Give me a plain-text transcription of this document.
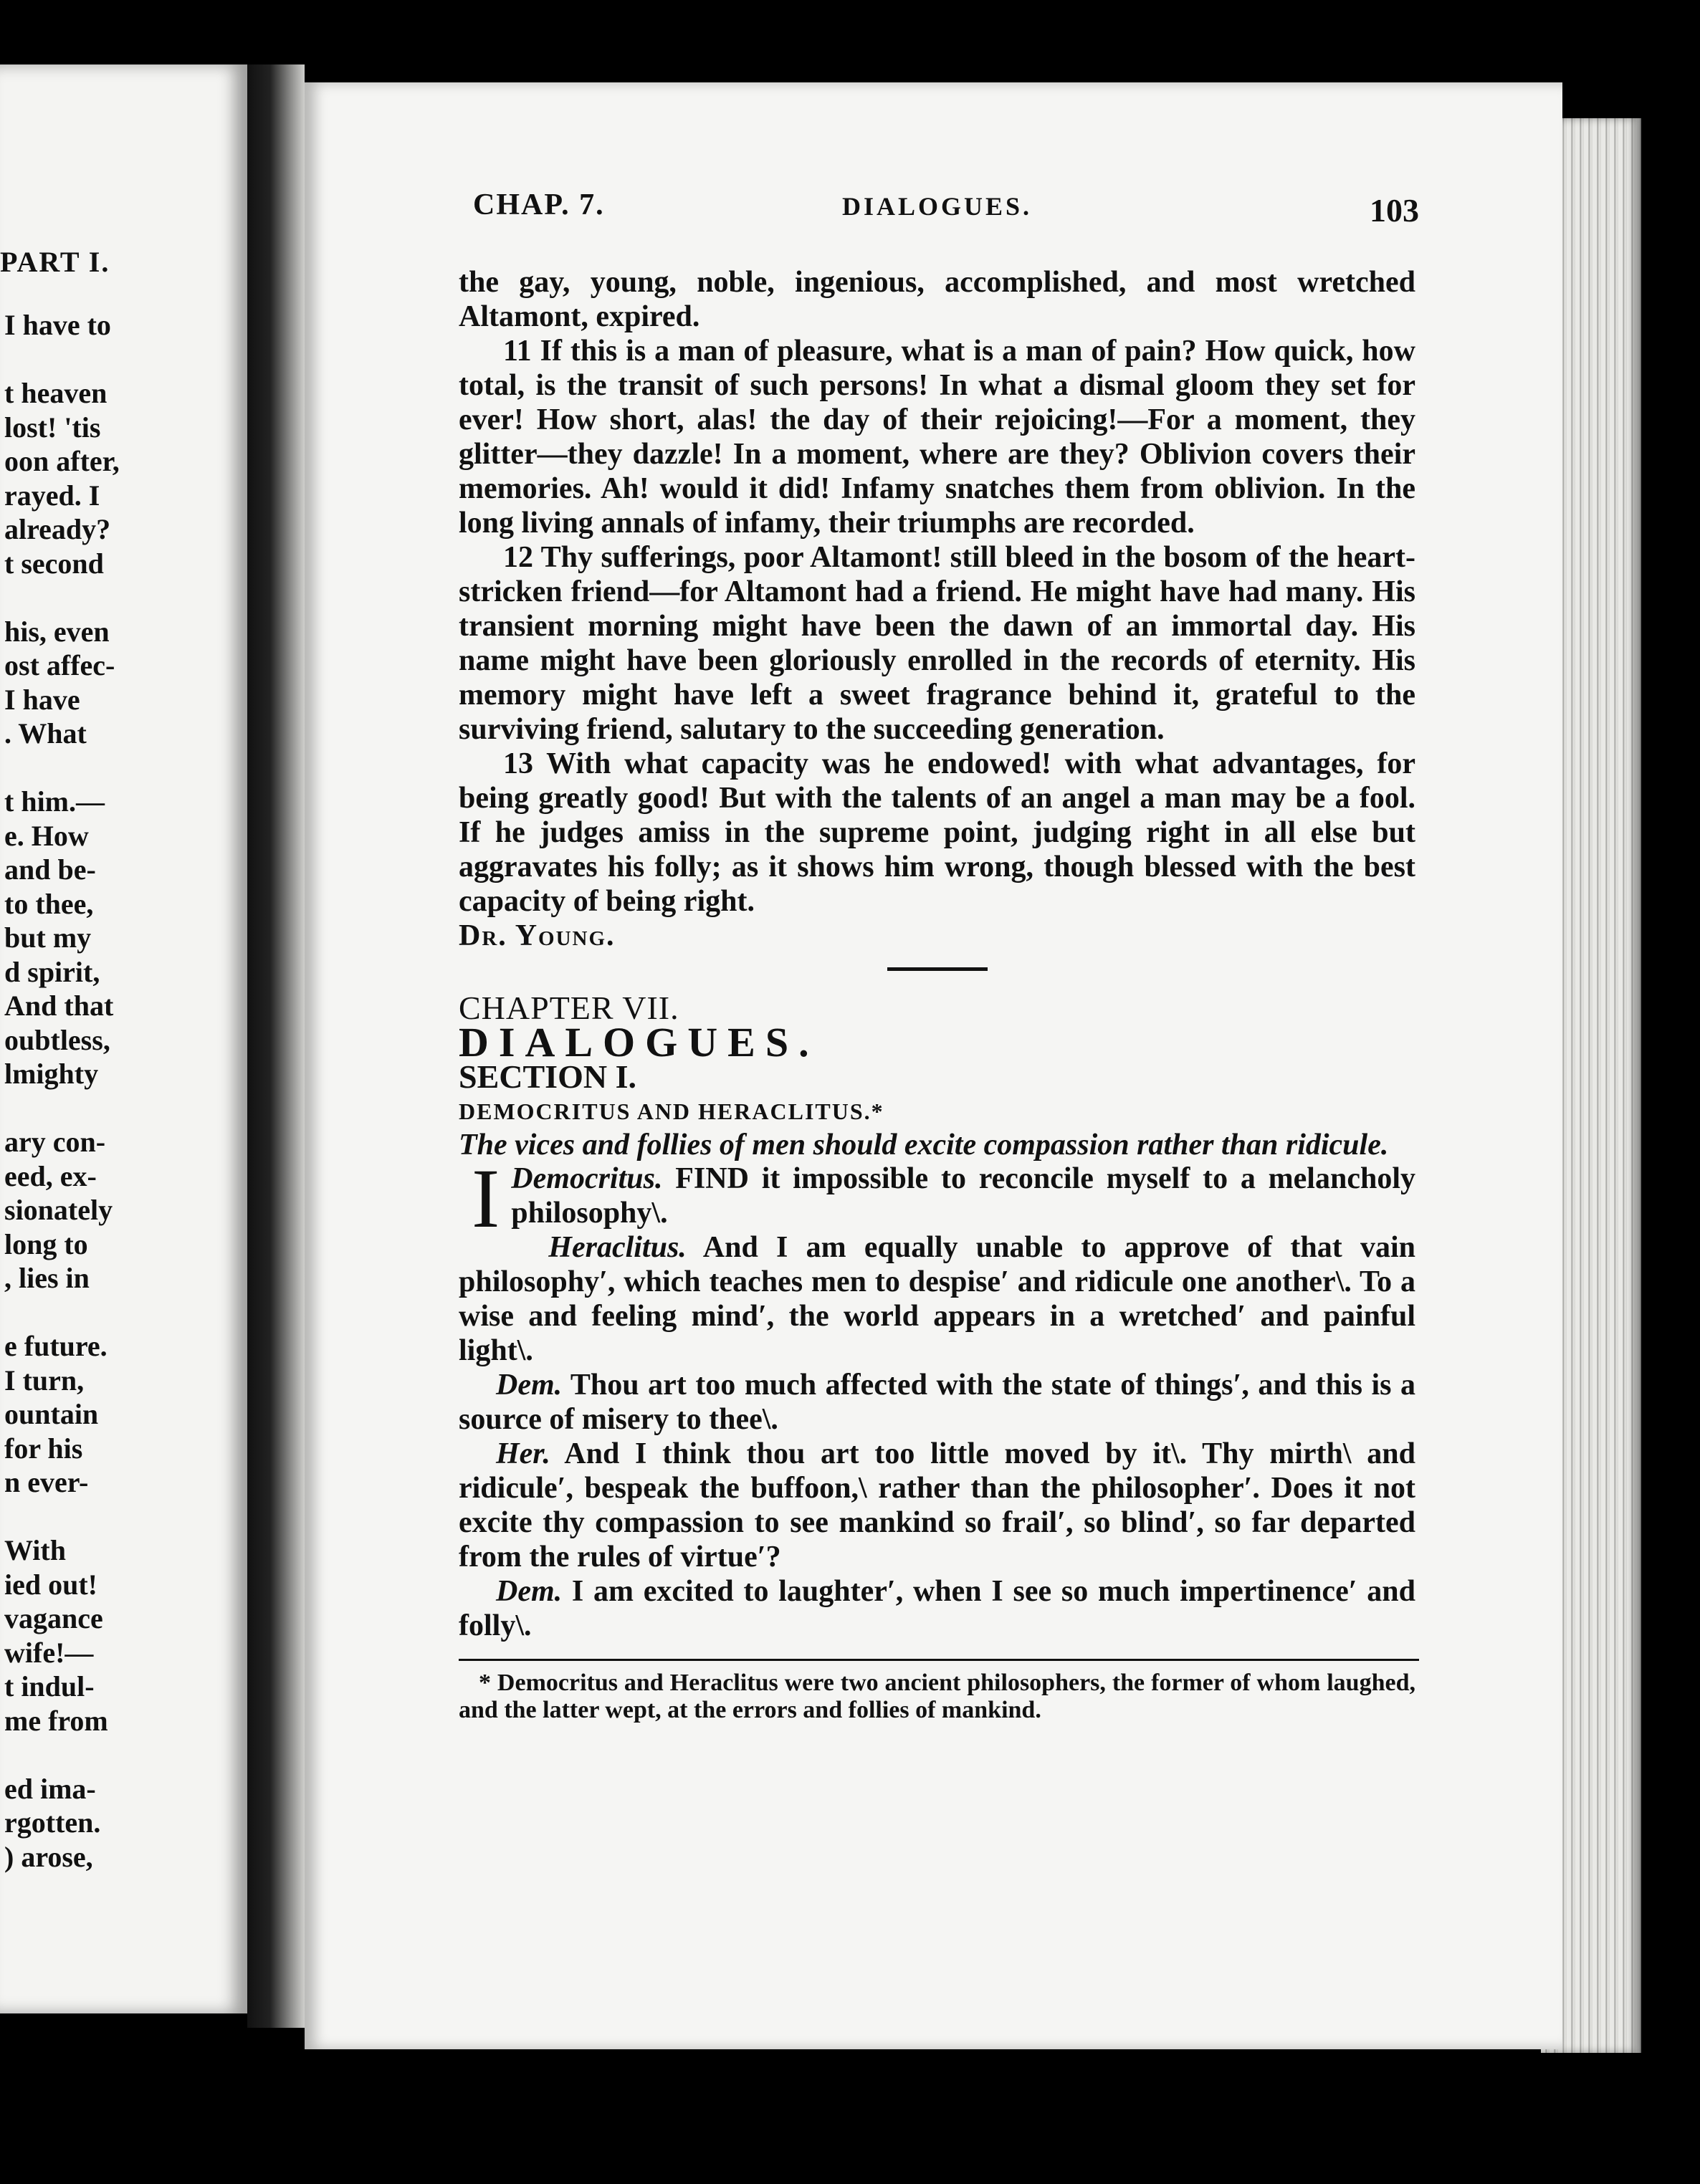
PART I.
I have to
t heaven
lost! 'tis
oon after,
rayed. I
already?
t second
his, even
ost affec-
I have
. What
t him.—
e. How
and be-
to thee,
but my
d spirit,
And that
oubtless,
lmighty
ary con-
eed, ex-
sionately
long to
, lies in
e future.
I turn,
ountain
for his
n ever-
With
ied out!
vagance
wife!—
t indul-
me from
ed ima-
rgotten.
) arose,
CHAP. 7.	DIALOGUES.	103

the gay, young, noble, ingenious, accomplished, and most wretched Altamont, expired.

11 If this is a man of pleasure, what is a man of pain? How quick, how total, is the transit of such persons! In what a dismal gloom they set for ever! How short, alas! the day of their rejoicing!—For a moment, they glitter—they dazzle! In a moment, where are they? Oblivion covers their memories. Ah! would it did! Infamy snatches them from oblivion. In the long living annals of infamy, their triumphs are recorded.

12 Thy sufferings, poor Altamont! still bleed in the bosom of the heart-stricken friend—for Altamont had a friend. He might have had many. His transient morning might have been the dawn of an immortal day. His name might have been gloriously enrolled in the records of eternity. His memory might have left a sweet fragrance behind it, grateful to the surviving friend, salutary to the succeeding generation.

13 With what capacity was he endowed! with what advantages, for being greatly good! But with the talents of an angel a man may be a fool. If he judges amiss in the supreme point, judging right in all else but aggravates his folly; as it shows him wrong, though blessed with the best capacity of being right.

Dr. Young.

CHAPTER VII.

DIALOGUES.

SECTION I.

DEMOCRITUS AND HERACLITUS.*

The vices and follies of men should excite compassion rather than ridicule.

Democritus.
I	FIND it impossible to reconcile myself to a melancholy philosophy\.

Heraclitus. And I am equally unable to approve of that vain philosophy′, which teaches men to despise′ and ridicule one another\. To a wise and feeling mind′, the world appears in a wretched′ and painful light\.

Dem. Thou art too much affected with the state of things′, and this is a source of misery to thee\.

Her. And I think thou art too little moved by it\. Thy mirth\ and ridicule′, bespeak the buffoon,\ rather than the philosopher′. Does it not excite thy compassion to see mankind so frail′, so blind′, so far departed from the rules of virtue′?

Dem. I am excited to laughter′, when I see so much impertinence′ and folly\.

* Democritus and Heraclitus were two ancient philosophers, the former of whom laughed, and the latter wept, at the errors and follies of mankind.
